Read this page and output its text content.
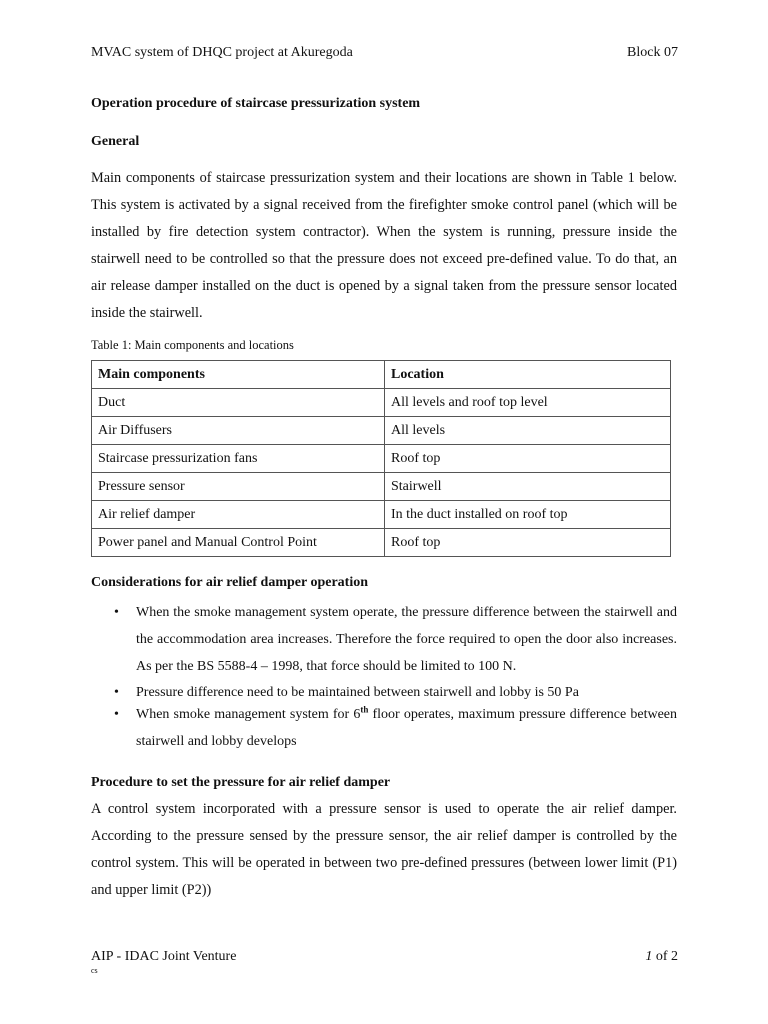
MVAC system of DHQC project at Akuregoda	Block 07

Operation procedure of staircase pressurization system

General

Main components of staircase pressurization system and their locations are shown in Table 1 below. This system is activated by a signal received from the firefighter smoke control panel (which will be installed by fire detection system contractor). When the system is running, pressure inside the stairwell need to be controlled so that the pressure does not exceed pre-defined value. To do that, an air release damper installed on the duct is opened by a signal taken from the pressure sensor located inside the stairwell.

Table 1: Main components and locations

Main components	Location
Duct	All levels and roof top level
Air Diffusers	All levels
Staircase pressurization fans	Roof top
Pressure sensor	Stairwell
Air relief damper	In the duct installed on roof top
Power panel and Manual Control Point	Roof top

Considerations for air relief damper operation

• When the smoke management system operate, the pressure difference between the stairwell and the accommodation area increases. Therefore the force required to open the door also increases. As per the BS 5588-4 – 1998, that force should be limited to 100 N.
• Pressure difference need to be maintained between stairwell and lobby is 50 Pa
• When smoke management system for 6th floor operates, maximum pressure difference between stairwell and lobby develops

Procedure to set the pressure for air relief damper

A control system incorporated with a pressure sensor is used to operate the air relief damper. According to the pressure sensed by the pressure sensor, the air relief damper is controlled by the control system. This will be operated in between two pre-defined pressures (between lower limit (P1) and upper limit (P2))

AIP - IDAC Joint Venture	1 of 2
cs
